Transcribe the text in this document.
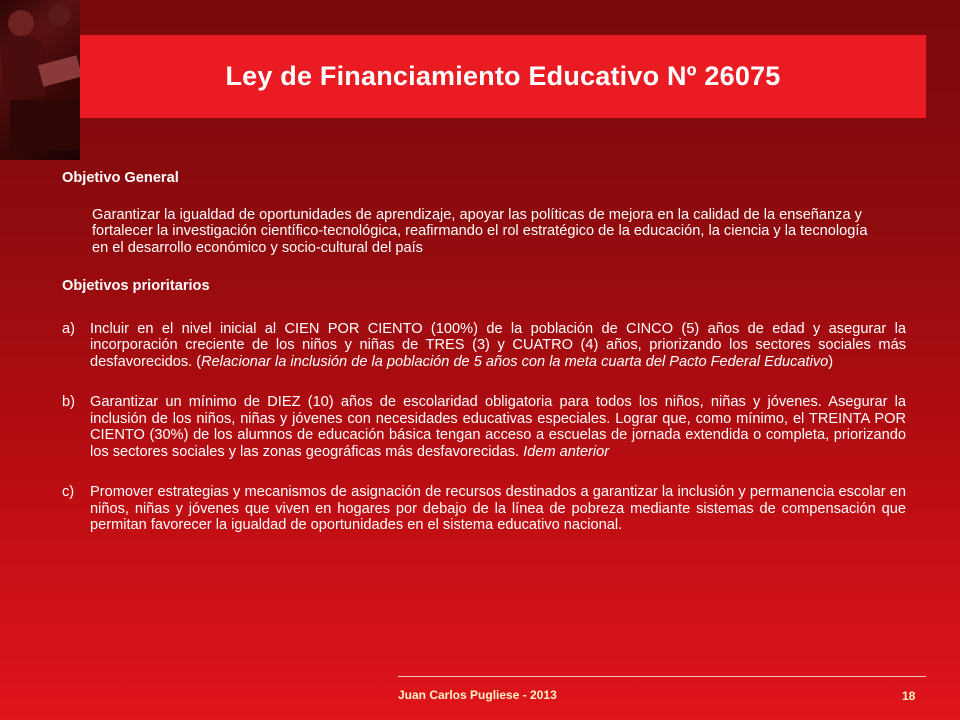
Ley de Financiamiento Educativo Nº 26075

Objetivo General

Garantizar la igualdad de oportunidades de aprendizaje, apoyar las políticas de mejora en la calidad de la enseñanza y fortalecer la investigación científico-tecnológica, reafirmando el rol estratégico de la educación, la ciencia y la tecnología en el desarrollo económico y socio-cultural del país

Objetivos prioritarios

a)	Incluir en el nivel inicial al CIEN POR CIENTO (100%) de la población de CINCO (5) años de edad y asegurar la incorporación creciente de los niños y niñas de TRES (3) y CUATRO (4) años, priorizando los sectores sociales más desfavorecidos. (Relacionar la inclusión de la población de 5 años con la meta cuarta del Pacto Federal Educativo)
b)	Garantizar un mínimo de DIEZ (10) años de escolaridad obligatoria para todos los niños, niñas y jóvenes. Asegurar la inclusión de los niños, niñas y jóvenes con necesidades educativas especiales. Lograr que, como mínimo, el TREINTA POR CIENTO (30%) de los alumnos de educación básica tengan acceso a escuelas de jornada extendida o completa, priorizando los sectores sociales y las zonas geográficas más desfavorecidas. Idem anterior
c)	Promover estrategias y mecanismos de asignación de recursos destinados a garantizar la inclusión y permanencia escolar en niños, niñas y jóvenes que viven en hogares por debajo de la línea de pobreza mediante sistemas de compensación que permitan favorecer la igualdad de oportunidades en el sistema educativo nacional.
Juan Carlos Pugliese - 2013	18
